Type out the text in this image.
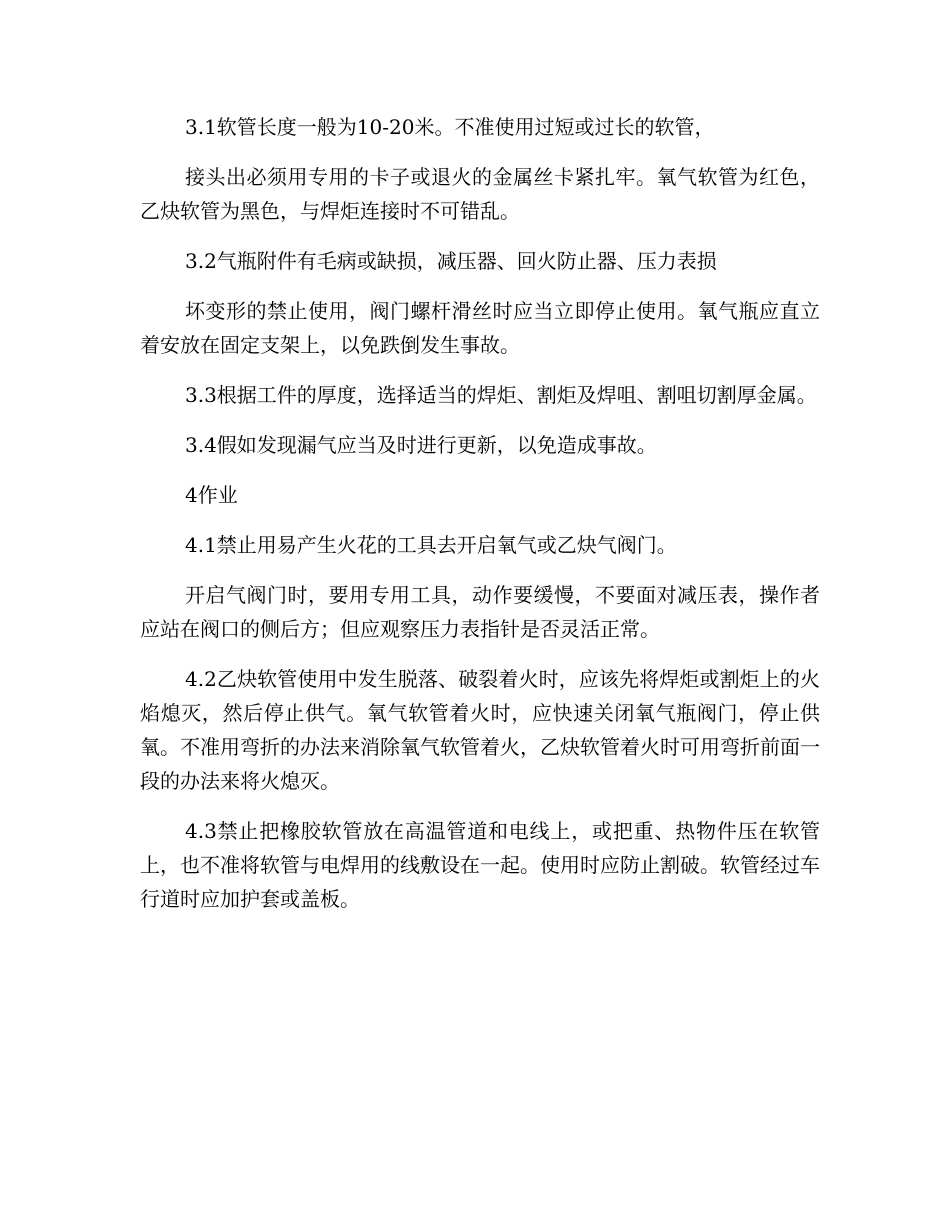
3.1软管长度一般为10-20米。不准使用过短或过长的软管，

接头出必须用专用的卡子或退火的金属丝卡紧扎牢。氧气软管为红色，乙炔软管为黑色，与焊炬连接时不可错乱。

3.2气瓶附件有毛病或缺损，减压器、回火防止器、压力表损

坏变形的禁止使用，阀门螺杆滑丝时应当立即停止使用。氧气瓶应直立着安放在固定支架上，以免跌倒发生事故。

3.3根据工件的厚度，选择适当的焊炬、割炬及焊咀、割咀切割厚金属。

3.4假如发现漏气应当及时进行更新，以免造成事故。

4作业

4.1禁止用易产生火花的工具去开启氧气或乙炔气阀门。

开启气阀门时，要用专用工具，动作要缓慢，不要面对减压表，操作者应站在阀口的侧后方；但应观察压力表指针是否灵活正常。

4.2乙炔软管使用中发生脱落、破裂着火时，应该先将焊炬或割炬上的火焰熄灭，然后停止供气。氧气软管着火时，应快速关闭氧气瓶阀门，停止供氧。不准用弯折的办法来消除氧气软管着火，乙炔软管着火时可用弯折前面一段的办法来将火熄灭。

4.3禁止把橡胶软管放在高温管道和电线上，或把重、热物件压在软管上，也不准将软管与电焊用的线敷设在一起。使用时应防止割破。软管经过车行道时应加护套或盖板。
